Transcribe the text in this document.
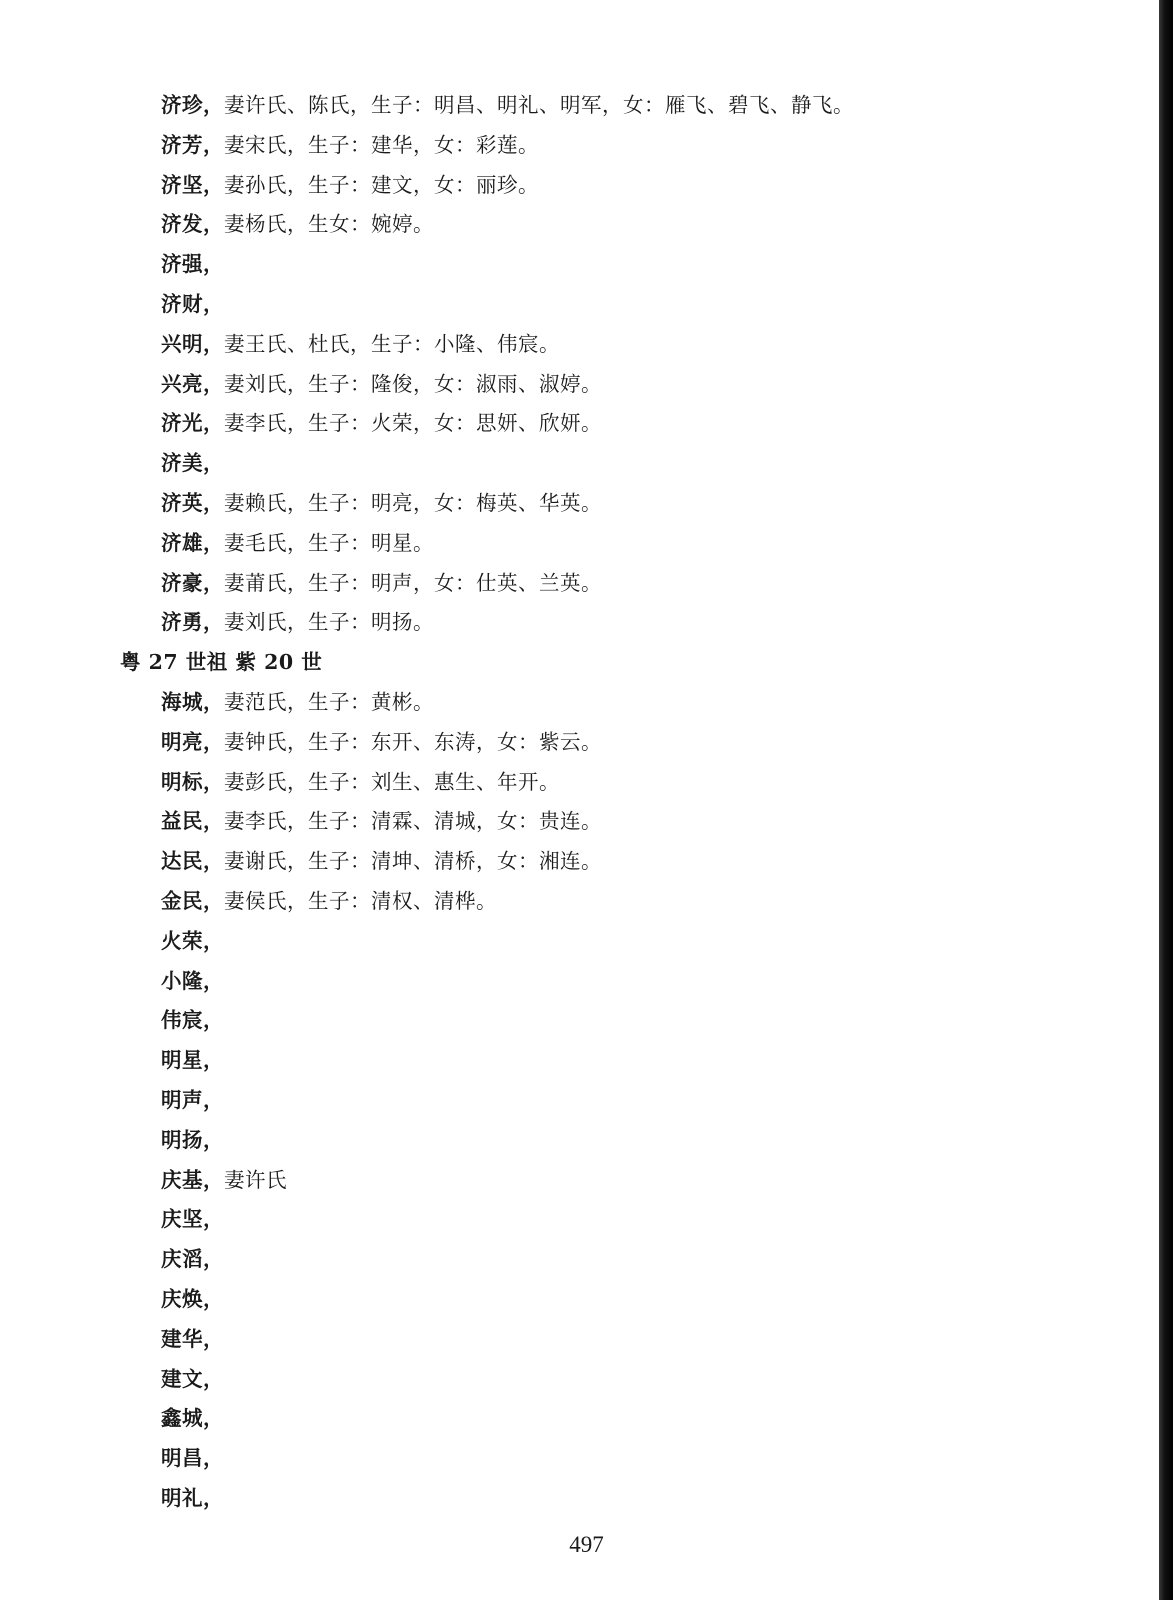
济珍，妻许氏、陈氏，生子：明昌、明礼、明军，女：雁飞、碧飞、静飞。
济芳，妻宋氏，生子：建华，女：彩莲。
济坚，妻孙氏，生子：建文，女：丽珍。
济发，妻杨氏，生女：婉婷。
济强，
济财，
兴明，妻王氏、杜氏，生子：小隆、伟宸。
兴亮，妻刘氏，生子：隆俊，女：淑雨、淑婷。
济光，妻李氏，生子：火荣，女：思妍、欣妍。
济美，
济英，妻赖氏，生子：明亮，女：梅英、华英。
济雄，妻毛氏，生子：明星。
济豪，妻莆氏，生子：明声，女：仕英、兰英。
济勇，妻刘氏，生子：明扬。
粤 27 世祖 紫 20 世
海城，妻范氏，生子：黄彬。
明亮，妻钟氏，生子：东开、东涛，女：紫云。
明标，妻彭氏，生子：刘生、惠生、年开。
益民，妻李氏，生子：清霖、清城，女：贵连。
达民，妻谢氏，生子：清坤、清桥，女：湘连。
金民，妻侯氏，生子：清权、清桦。
火荣，
小隆，
伟宸，
明星，
明声，
明扬，
庆基，妻许氏
庆坚，
庆滔，
庆焕，
建华，
建文，
鑫城，
明昌，
明礼，
497
